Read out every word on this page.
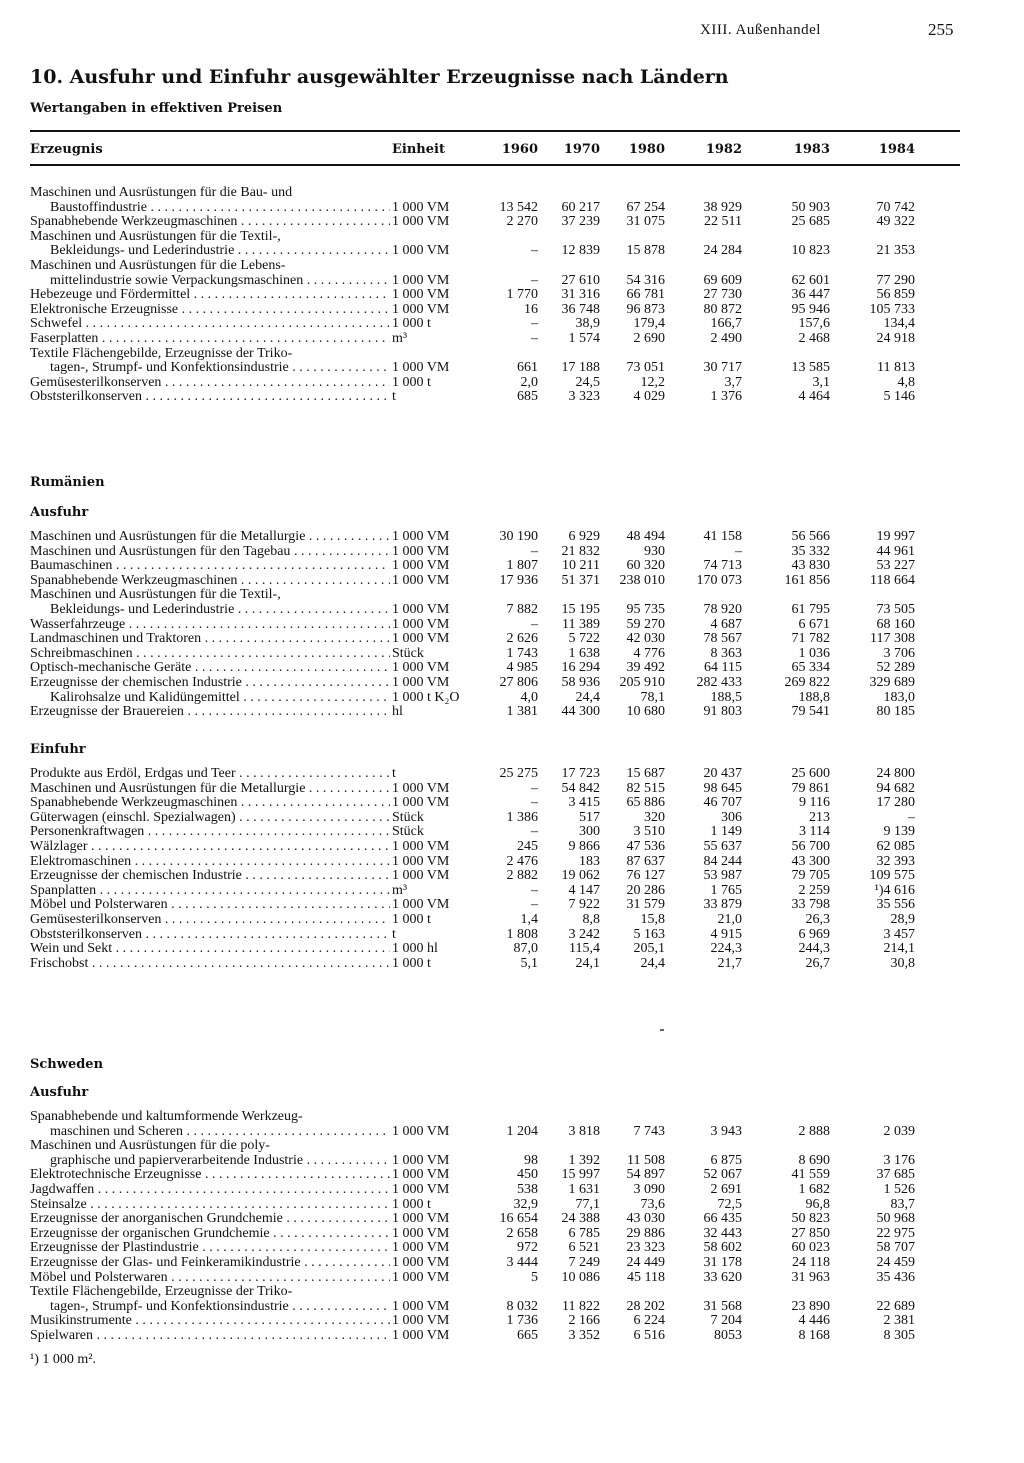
XIII. Außenhandel	255
10. Ausfuhr und Einfuhr ausgewählter Erzeugnisse nach Ländern
Wertangaben in effektiven Preisen
Erzeugnis	Einheit	1960	1970	1980	1982	1983	1984
Maschinen und Ausrüstungen für die Bau- und
Baustoffindustrie . . .	1 000 VM	13 542	60 217	67 254	38 929	50 903	70 742
Spanabhebende Werkzeugmaschinen . . .	1 000 VM	2 270	37 239	31 075	22 511	25 685	49 322
Maschinen und Ausrüstungen für die Textil-,
Bekleidungs- und Lederindustrie . . .	1 000 VM	–	12 839	15 878	24 284	10 823	21 353
Maschinen und Ausrüstungen für die Lebens-
mittelindustrie sowie Verpackungsmaschinen . . .	1 000 VM	–	27 610	54 316	69 609	62 601	77 290
Hebezeuge und Fördermittel . . .	1 000 VM	1 770	31 316	66 781	27 730	36 447	56 859
Elektronische Erzeugnisse . . .	1 000 VM	16	36 748	96 873	80 872	95 946	105 733
Schwefel . . .	1 000 t	–	38,9	179,4	166,7	157,6	134,4
Faserplatten . . .	m³	–	1 574	2 690	2 490	2 468	24 918
Textile Flächengebilde, Erzeugnisse der Triko-
tagen-, Strumpf- und Konfektionsindustrie . . .	1 000 VM	661	17 188	73 051	30 717	13 585	11 813
Gemüsesterilkonserven . . .	1 000 t	2,0	24,5	12,2	3,7	3,1	4,8
Obststerilkonserven . . .	t	685	3 323	4 029	1 376	4 464	5 146
Rumänien
Ausfuhr
Maschinen und Ausrüstungen für die Metallurgie . . .	1 000 VM	30 190	6 929	48 494	41 158	56 566	19 997
Maschinen und Ausrüstungen für den Tagebau . . .	1 000 VM	–	21 832	930	–	35 332	44 961
Baumaschinen . . .	1 000 VM	1 807	10 211	60 320	74 713	43 830	53 227
Spanabhebende Werkzeugmaschinen . . .	1 000 VM	17 936	51 371	238 010	170 073	161 856	118 664
Maschinen und Ausrüstungen für die Textil-,
Bekleidungs- und Lederindustrie . . .	1 000 VM	7 882	15 195	95 735	78 920	61 795	73 505
Wasserfahrzeuge . . .	1 000 VM	–	11 389	59 270	4 687	6 671	68 160
Landmaschinen und Traktoren . . .	1 000 VM	2 626	5 722	42 030	78 567	71 782	117 308
Schreibmaschinen . . .	Stück	1 743	1 638	4 776	8 363	1 036	3 706
Optisch-mechanische Geräte . . .	1 000 VM	4 985	16 294	39 492	64 115	65 334	52 289
Erzeugnisse der chemischen Industrie . . .	1 000 VM	27 806	58 936	205 910	282 433	269 822	329 689
Kalirohsalze und Kalidüngemittel . . .	1 000 t K₂O	4,0	24,4	78,1	188,5	188,8	183,0
Erzeugnisse der Brauereien . . .	hl	1 381	44 300	10 680	91 803	79 541	80 185
Einfuhr
Produkte aus Erdöl, Erdgas und Teer . . .	t	25 275	17 723	15 687	20 437	25 600	24 800
Maschinen und Ausrüstungen für die Metallurgie . . .	1 000 VM	–	54 842	82 515	98 645	79 861	94 682
Spanabhebende Werkzeugmaschinen . . .	1 000 VM	–	3 415	65 886	46 707	9 116	17 280
Güterwagen (einschl. Spezialwagen) . . .	Stück	1 386	517	320	306	213	–
Personenkraftwagen . . .	Stück	–	300	3 510	1 149	3 114	9 139
Wälzlager . . .	1 000 VM	245	9 866	47 536	55 637	56 700	62 085
Elektromaschinen . . .	1 000 VM	2 476	183	87 637	84 244	43 300	32 393
Erzeugnisse der chemischen Industrie . . .	1 000 VM	2 882	19 062	76 127	53 987	79 705	109 575
Spanplatten . . .	m³	–	4 147	20 286	1 765	2 259	¹)4 616
Möbel und Polsterwaren . . .	1 000 VM	–	7 922	31 579	33 879	33 798	35 556
Gemüsesterilkonserven . . .	1 000 t	1,4	8,8	15,8	21,0	26,3	28,9
Obststerilkonserven . . .	t	1 808	3 242	5 163	4 915	6 969	3 457
Wein und Sekt . . .	1 000 hl	87,0	115,4	205,1	224,3	244,3	214,1
Frischobst . . .	1 000 t	5,1	24,1	24,4	21,7	26,7	30,8
Schweden
Ausfuhr
Spanabhebende und kaltumformende Werkzeug-
maschinen und Scheren . . .	1 000 VM	1 204	3 818	7 743	3 943	2 888	2 039
Maschinen und Ausrüstungen für die poly-
graphische und papierverarbeitende Industrie . . .	1 000 VM	98	1 392	11 508	6 875	8 690	3 176
Elektrotechnische Erzeugnisse . . .	1 000 VM	450	15 997	54 897	52 067	41 559	37 685
Jagdwaffen . . .	1 000 VM	538	1 631	3 090	2 691	1 682	1 526
Steinsalze . . .	1 000 t	32,9	77,1	73,6	72,5	96,8	83,7
Erzeugnisse der anorganischen Grundchemie . . .	1 000 VM	16 654	24 388	43 030	66 435	50 823	50 968
Erzeugnisse der organischen Grundchemie . . .	1 000 VM	2 658	6 785	29 886	32 443	27 850	22 975
Erzeugnisse der Plastindustrie . . .	1 000 VM	972	6 521	23 323	58 602	60 023	58 707
Erzeugnisse der Glas- und Feinkeramikindustrie . . .	1 000 VM	3 444	7 249	24 449	31 178	24 118	24 459
Möbel und Polsterwaren . . .	1 000 VM	5	10 086	45 118	33 620	31 963	35 436
Textile Flächengebilde, Erzeugnisse der Triko-
tagen-, Strumpf- und Konfektionsindustrie . . .	1 000 VM	8 032	11 822	28 202	31 568	23 890	22 689
Musikinstrumente . . .	1 000 VM	1 736	2 166	6 224	7 204	4 446	2 381
Spielwaren . . .	1 000 VM	665	3 352	6 516	8053	8 168	8 305
¹) 1 000 m².
